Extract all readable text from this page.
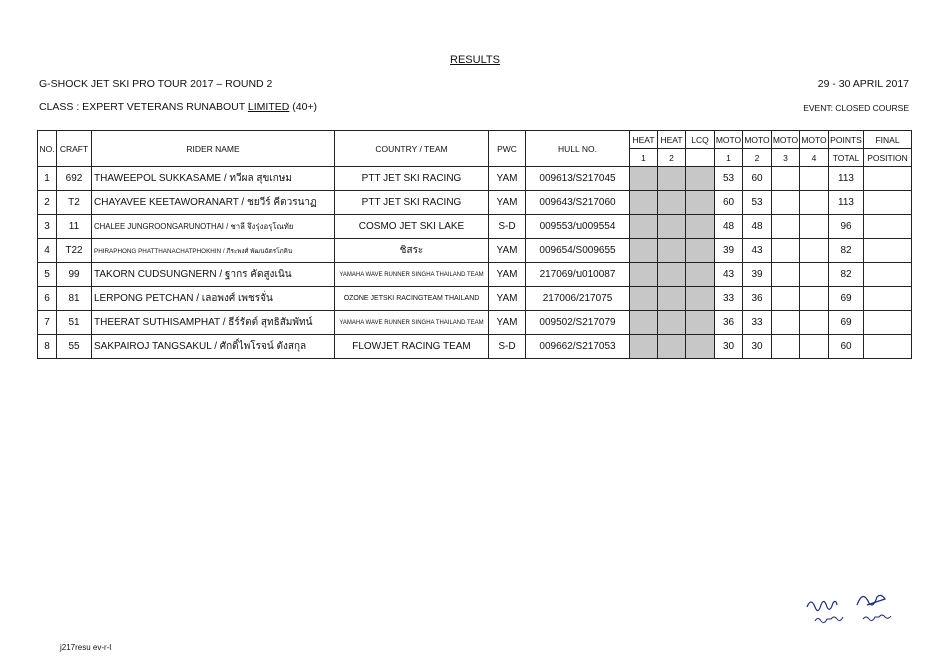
RESULTS
G-SHOCK JET SKI PRO TOUR 2017 – ROUND 2	29 - 30 APRIL 2017
CLASS : EXPERT VETERANS RUNABOUT LIMITED (40+)	EVENT: CLOSED COURSE
NO.	CRAFT	RIDER NAME	COUNTRY / TEAM	PWC	HULL NO.	HEAT	HEAT	LCQ	MOTO	MOTO	MOTO	MOTO	POINTS	FINAL
						1	2		1	2	3	4	TOTAL	POSITION
1	692	THAWEEPOL SUKKASAME / ทวีผล สุขเกษม	PTT JET SKI RACING	YAM	009613/S217045				53	60			113	
2	T2	CHAYAVEE KEETAWORANART / ชยวีร์ คีตวรนาฏ	PTT JET SKI RACING	YAM	009643/S217060				60	53			113	
3	11	CHALEE JUNGROONGARUNOTHAI / ชาลี จึงรุ่งอรุโณทัย	COSMO JET SKI LAKE	S-D	009553/บ009554				48	48			96	
4	T22	PHIRAPHONG PHATTHANACHATPHOKHIN / ภีระพงศ์ พัฒนฉัตรโภคิน	ชิสระ	YAM	009654/S009655				39	43			82	
5	99	TAKORN CUDSUNGNERN / ฐากร คัดสูงเนิน	YAMAHA WAVE RUNNER SINGHA THAILAND TEAM	YAM	217069/บ010087				43	39			82	
6	81	LERPONG PETCHAN / เลอพงศ์ เพชรจั่น	OZONE JETSKI RACINGTEAM THAILAND	YAM	217006/217075				33	36			69	
7	51	THEERAT SUTHISAMPHAT / ธีร์รัตต์ สุทธิสัมพัทน์	YAMAHA WAVE RUNNER SINGHA THAILAND TEAM	YAM	009502/S217079				36	33			69	
8	55	SAKPAIROJ TANGSAKUL / ศักดิ์ไพโรจน์ ตังสกุล	FLOWJET RACING TEAM	S-D	009662/S217053				30	30			60	
j217resu ev-r-l
